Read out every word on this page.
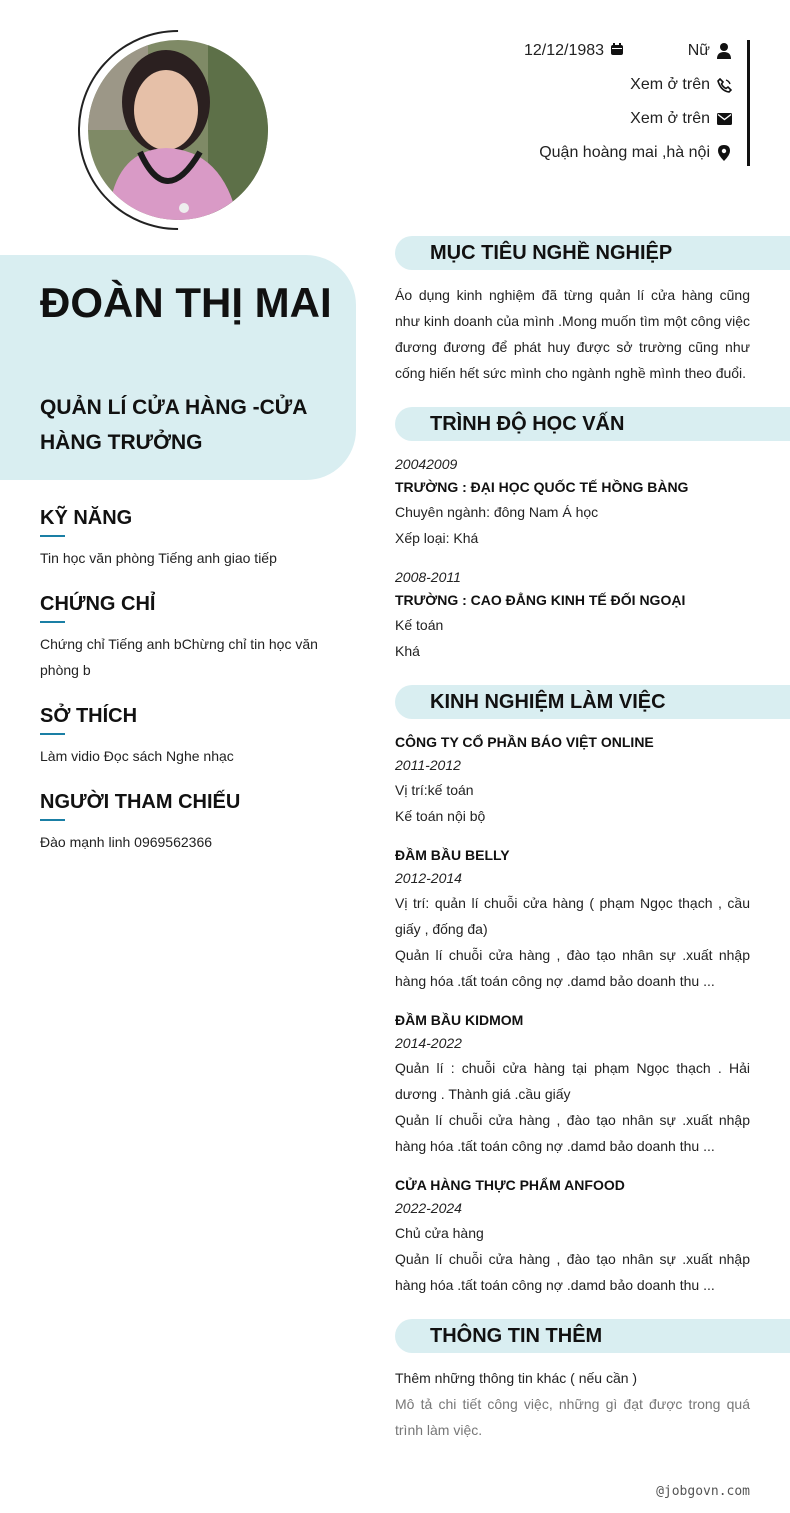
12/12/1983	Nữ
Xem ở trên
Xem ở trên
Quận hoàng mai ,hà nội
ĐOÀN THỊ MAI
QUẢN LÍ CỬA HÀNG -CỬA HÀNG TRƯỞNG
KỸ NĂNG
Tin học văn phòng Tiếng anh giao tiếp
CHỨNG CHỈ
Chứng chỉ Tiếng anh bChừng chỉ tin học văn phòng b
SỞ THÍCH
Làm vidio Đọc sách Nghe nhạc
NGƯỜI THAM CHIẾU
Đào mạnh linh 0969562366
MỤC TIÊU NGHỀ NGHIỆP
Áo dụng kinh nghiệm đã từng quản lí cửa hàng cũng như kinh doanh của mình .Mong muốn tìm một công việc đương đương để phát huy được sở trường cũng như cống hiến hết sức mình cho ngành nghề mình theo đuổi.
TRÌNH ĐỘ HỌC VẤN
20042009
TRƯỜNG : ĐẠI HỌC QUỐC TẾ HỒNG BÀNG
Chuyên ngành: đông Nam Á học
Xếp loại: Khá
2008-2011
TRƯỜNG : CAO ĐẲNG KINH TẾ ĐỐI NGOẠI
Kế toán
Khá
KINH NGHIỆM LÀM VIỆC
CÔNG TY CỔ PHẦN BÁO VIỆT ONLINE
2011-2012
Vị trí:kế toán
Kế toán nội bộ
ĐẦM BẦU BELLY
2012-2014
Vị trí: quản lí chuỗi cửa hàng ( phạm Ngọc thạch , cầu giấy , đống đa)
Quản lí chuỗi cửa hàng , đào tạo nhân sự .xuất nhập hàng hóa .tất toán công nợ .damd bảo doanh thu ...
ĐẦM BẦU KIDMOM
2014-2022
Quản lí : chuỗi cửa hàng tại phạm Ngọc thạch . Hải dương . Thành giá .cầu giấy
Quản lí chuỗi cửa hàng , đào tạo nhân sự .xuất nhập hàng hóa .tất toán công nợ .damd bảo doanh thu ...
CỬA HÀNG THỰC PHẨM ANFOOD
2022-2024
Chủ cửa hàng
Quản lí chuỗi cửa hàng , đào tạo nhân sự .xuất nhập hàng hóa .tất toán công nợ .damd bảo doanh thu ...
THÔNG TIN THÊM
Thêm những thông tin khác ( nếu cần )
Mô tả chi tiết công việc, những gì đạt được trong quá trình làm việc.
@jobgovn.com
